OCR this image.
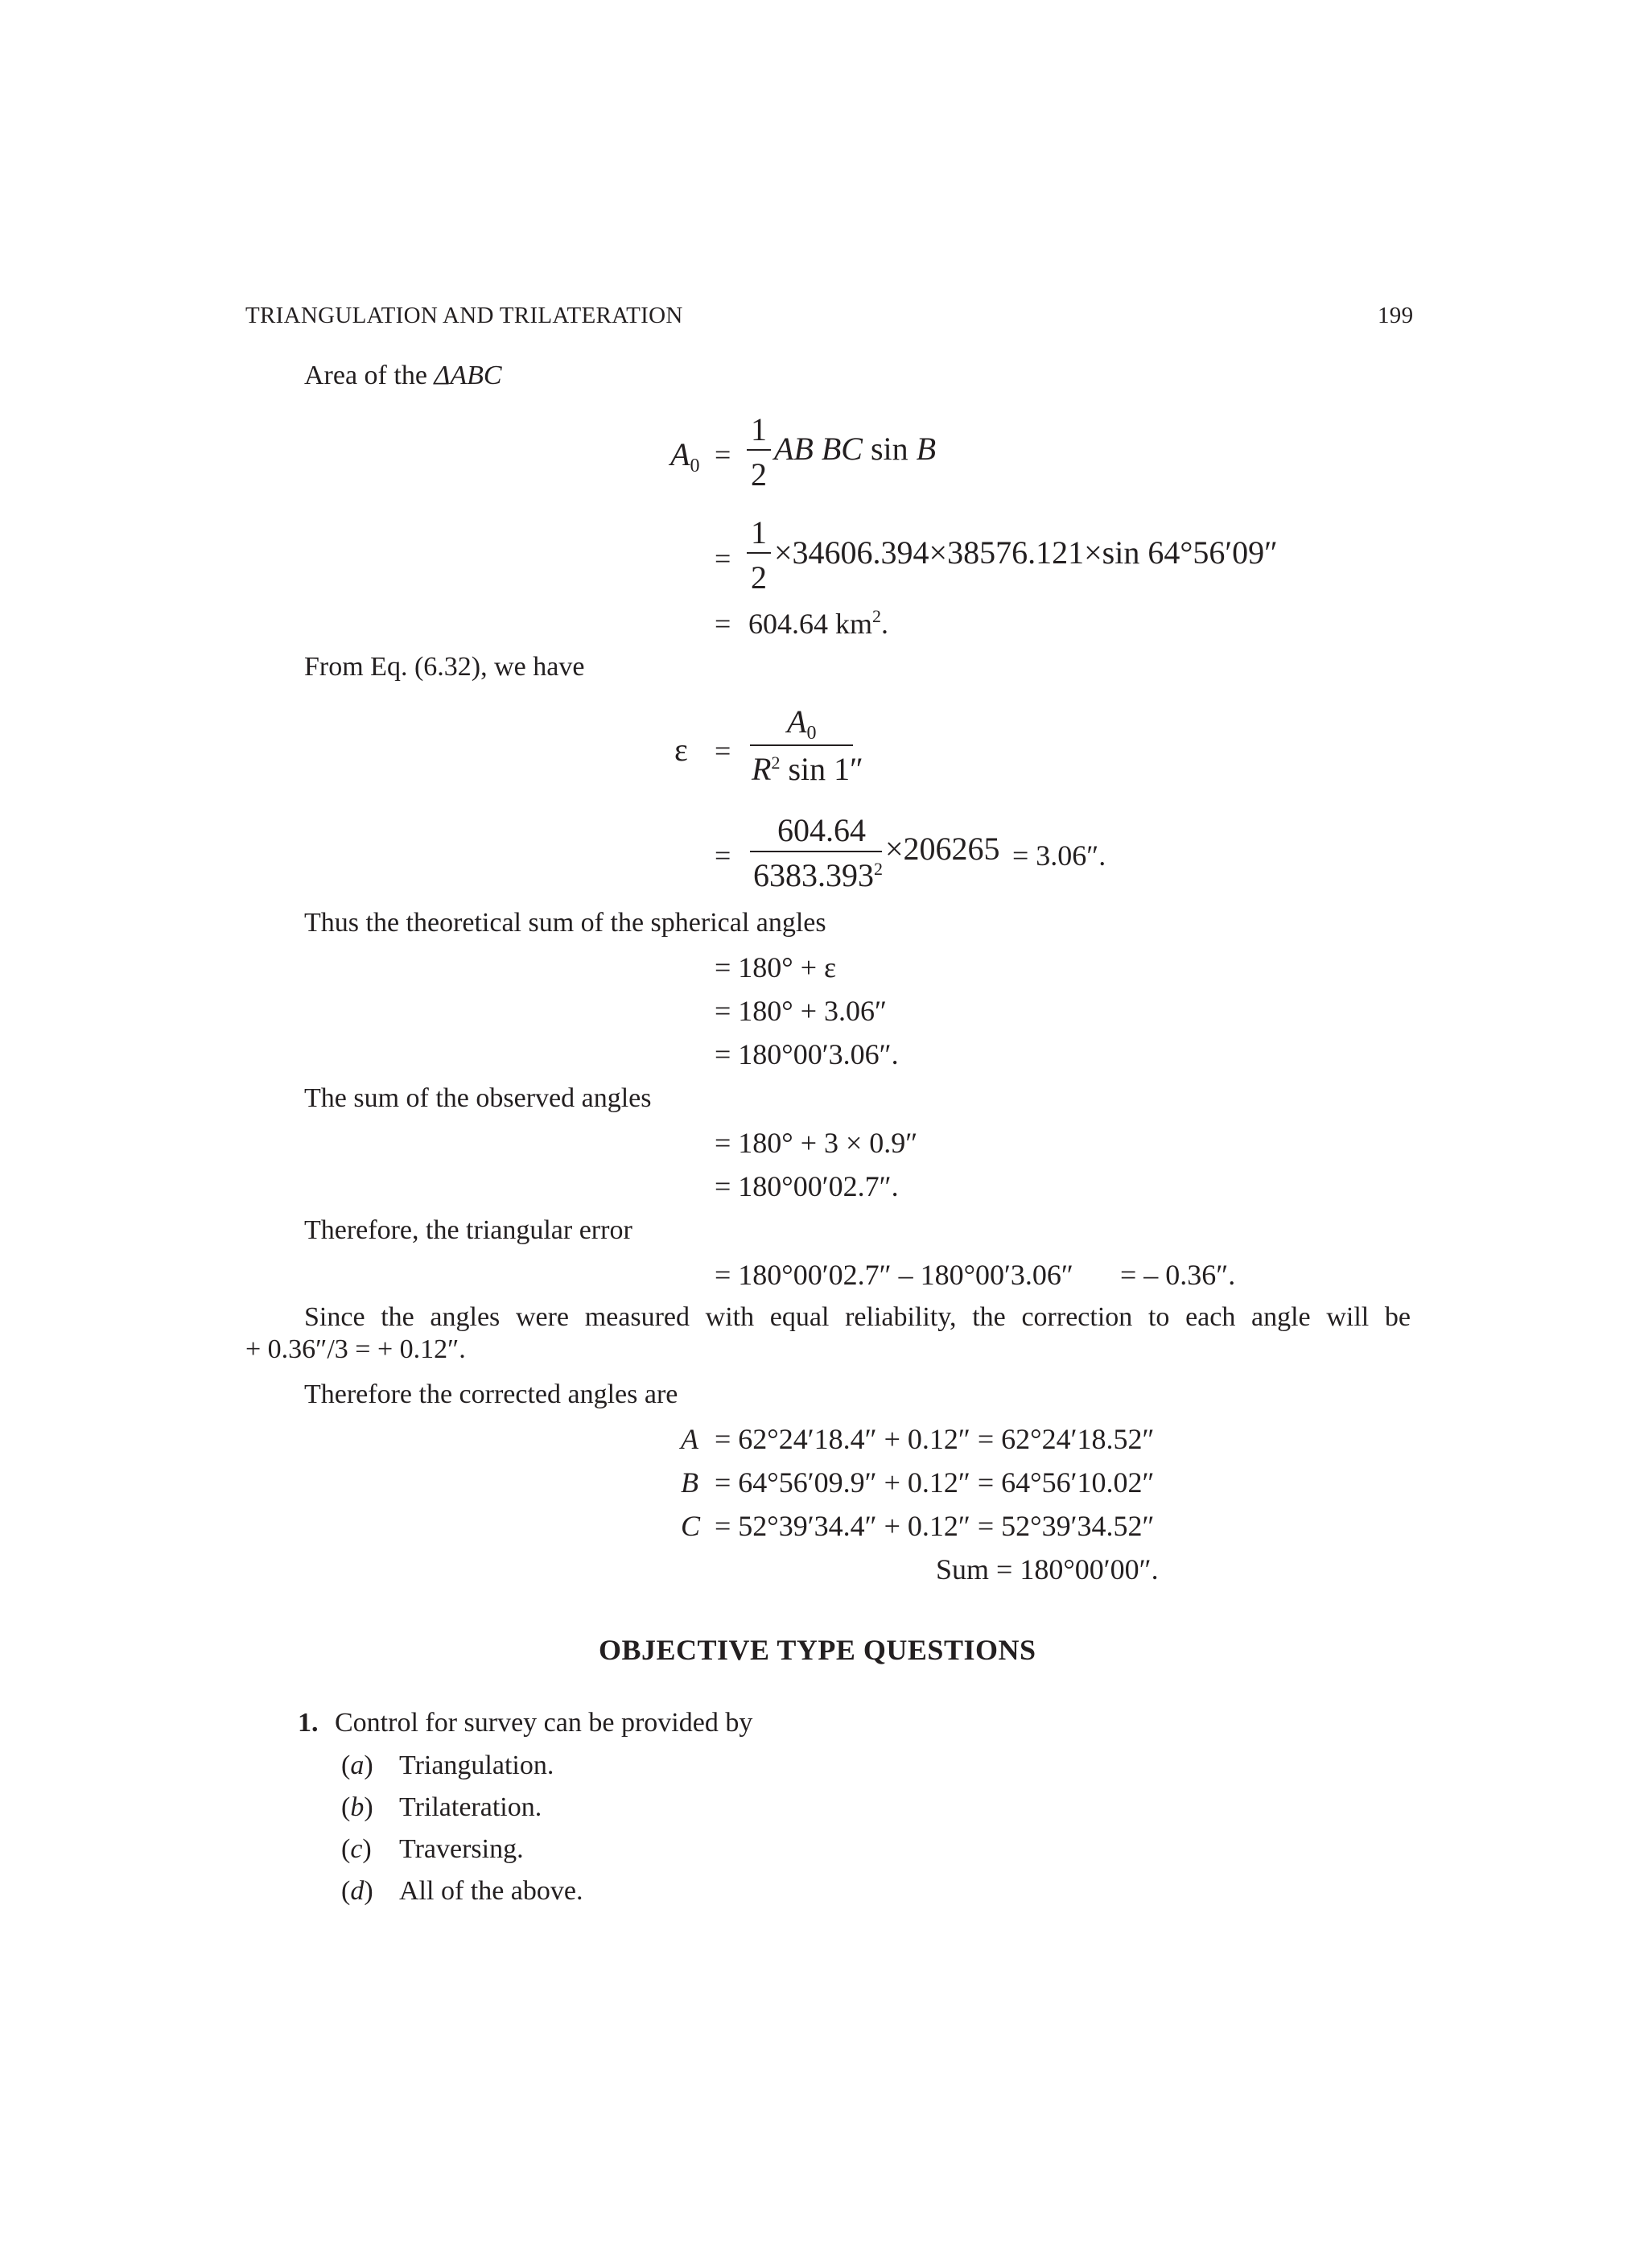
TRIANGULATION AND TRILATERATION	199
Area of the ΔABC
$A_0$ =
1
2
AB BC sin B
=
1
2
×34606.394×38576.121×sin 64°56′09″
= 604.64 $km^2$.
From Eq. (6.32), we have
ε =
$A_0$
$R^2$ sin 1″
=
604.64
$6383.393^2$
×206265 = 3.06″.
Thus the theoretical sum of the spherical angles
= 180° + ε
= 180° + 3.06″
= 180°00′3.06″.
The sum of the observed angles
= 180° + 3 × 0.9″
= 180°00′02.7″.
Therefore, the triangular error
= 180°00′02.7″ – 180°00′3.06″ = – 0.36″.
Since the angles were measured with equal reliability, the correction to each angle will be
+ 0.36″/3 = + 0.12″.
Therefore the corrected angles are
A = 62°24′18.4″ + 0.12″ = 62°24′18.52″
B = 64°56′09.9″ + 0.12″ = 64°56′10.02″
C = 52°39′34.4″ + 0.12″ = 52°39′34.52″
Sum = 180°00′00″.
OBJECTIVE TYPE QUESTIONS
1. Control for survey can be provided by
(a) Triangulation.
(b) Trilateration.
(c) Traversing.
(d) All of the above.
